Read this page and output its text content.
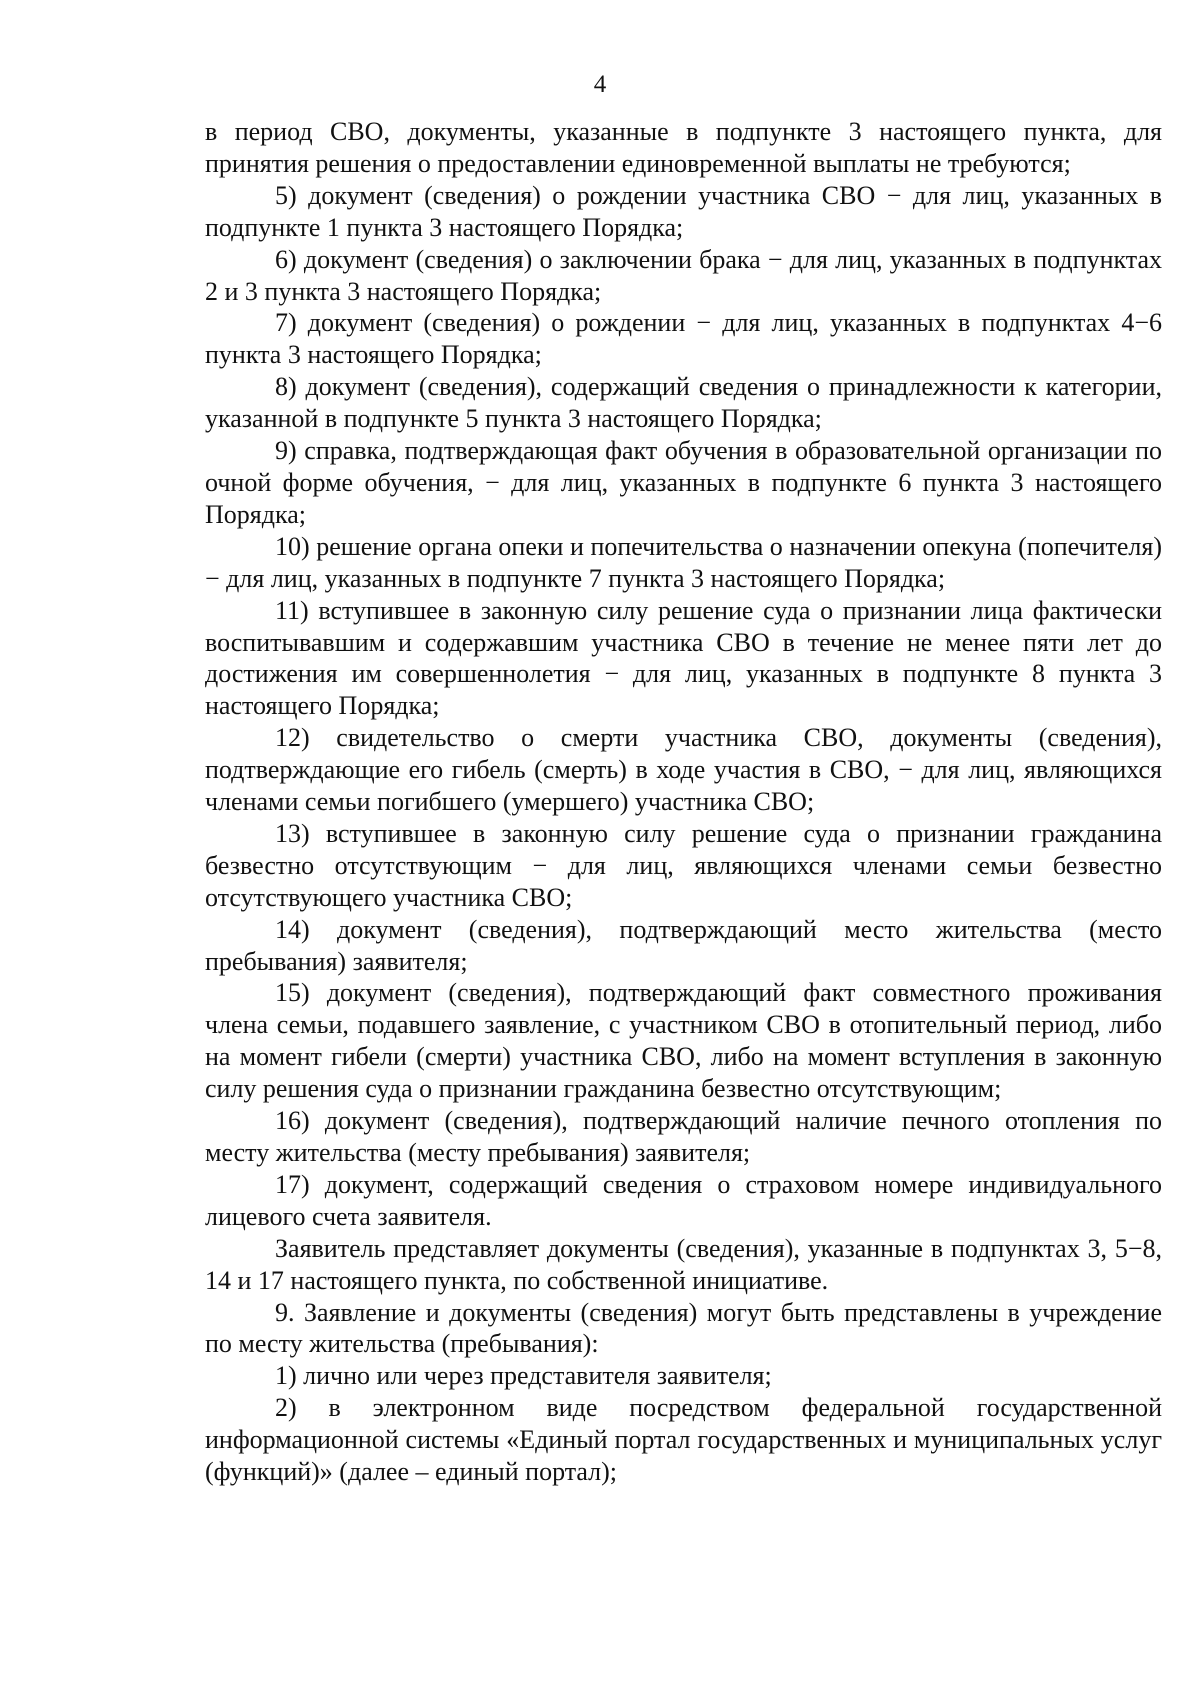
4

в период СВО, документы, указанные в подпункте 3 настоящего пункта, для принятия решения о предоставлении единовременной выплаты не требуются;

5) документ (сведения) о рождении участника СВО − для лиц, указанных в подпункте 1 пункта 3 настоящего Порядка;

6) документ (сведения) о заключении брака − для лиц, указанных в подпунктах 2 и 3 пункта 3 настоящего Порядка;

7) документ (сведения) о рождении − для лиц, указанных в подпунктах 4−6 пункта 3 настоящего Порядка;

8) документ (сведения), содержащий сведения о принадлежности к категории, указанной в подпункте 5 пункта 3 настоящего Порядка;

9) справка, подтверждающая факт обучения в образовательной организации по очной форме обучения, − для лиц, указанных в подпункте 6 пункта 3 настоящего Порядка;

10) решение органа опеки и попечительства о назначении опекуна (попечителя) − для лиц, указанных в подпункте 7 пункта 3 настоящего Порядка;

11) вступившее в законную силу решение суда о признании лица фактически воспитывавшим и содержавшим участника СВО в течение не менее пяти лет до достижения им совершеннолетия − для лиц, указанных в подпункте 8 пункта 3 настоящего Порядка;

12) свидетельство о смерти участника СВО, документы (сведения), подтверждающие его гибель (смерть) в ходе участия в СВО, − для лиц, являющихся членами семьи погибшего (умершего) участника СВО;

13) вступившее в законную силу решение суда о признании гражданина безвестно отсутствующим − для лиц, являющихся членами семьи безвестно отсутствующего участника СВО;

14) документ (сведения), подтверждающий место жительства (место пребывания) заявителя;

15) документ (сведения), подтверждающий факт совместного проживания члена семьи, подавшего заявление, с участником СВО в отопительный период, либо на момент гибели (смерти) участника СВО, либо на момент вступления в законную силу решения суда о признании гражданина безвестно отсутствующим;

16) документ (сведения), подтверждающий наличие печного отопления по месту жительства (месту пребывания) заявителя;

17) документ, содержащий сведения о страховом номере индивидуального лицевого счета заявителя.

Заявитель представляет документы (сведения), указанные в подпунктах 3, 5−8, 14 и 17 настоящего пункта, по собственной инициативе.

9. Заявление и документы (сведения) могут быть представлены в учреждение по месту жительства (пребывания):

1) лично или через представителя заявителя;

2) в электронном виде посредством федеральной государственной информационной системы «Единый портал государственных и муниципальных услуг (функций)» (далее – единый портал);
